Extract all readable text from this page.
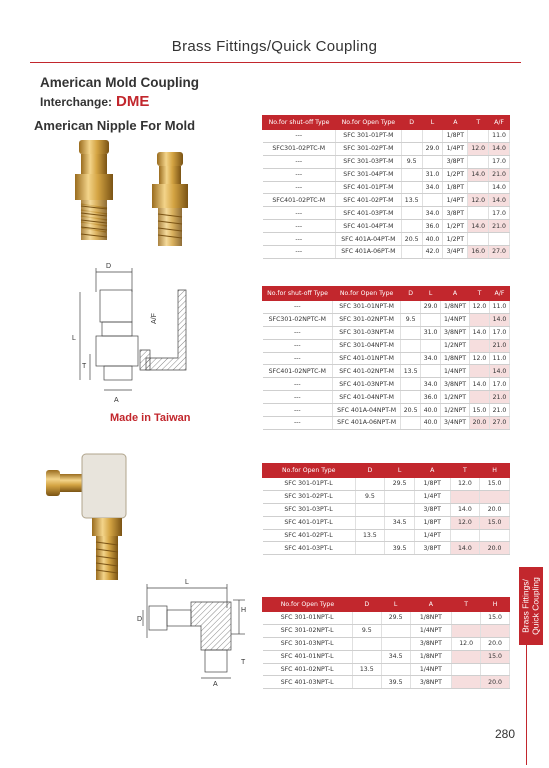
Brass Fittings/Quick Coupling
American Mold Coupling
Interchange: DME
American Nipple For Mold
D
L
T
A/F
A
Made in Taiwan
L
H
D
T
A
No.for shut-off Type	No.for Open Type	D	L	A	T	A/F
---	SFC 301-01PT-M			1/8PT		11.0
SFC301-02PTC-M	SFC 301-02PT-M		29.0	1/4PT	12.0	14.0
---	SFC 301-03PT-M	9.5		3/8PT		17.0
---	SFC 301-04PT-M		31.0	1/2PT	14.0	21.0
---	SFC 401-01PT-M		34.0	1/8PT		14.0
SFC401-02PTC-M	SFC 401-02PT-M	13.5		1/4PT	12.0	14.0
---	SFC 401-03PT-M		34.0	3/8PT		17.0
---	SFC 401-04PT-M		36.0	1/2PT	14.0	21.0
---	SFC 401A-04PT-M	20.5	40.0	1/2PT		
---	SFC 401A-06PT-M		42.0	3/4PT	16.0	27.0
No.for shut-off Type	No.for Open Type	D	L	A	T	A/F
---	SFC 301-01NPT-M		29.0	1/8NPT	12.0	11.0
SFC301-02NPTC-M	SFC 301-02NPT-M	9.5		1/4NPT		14.0
---	SFC 301-03NPT-M		31.0	3/8NPT	14.0	17.0
---	SFC 301-04NPT-M			1/2NPT		21.0
---	SFC 401-01NPT-M		34.0	1/8NPT	12.0	11.0
SFC401-02NPTC-M	SFC 401-02NPT-M	13.5		1/4NPT		14.0
---	SFC 401-03NPT-M		34.0	3/8NPT	14.0	17.0
---	SFC 401-04NPT-M		36.0	1/2NPT		21.0
---	SFC 401A-04NPT-M	20.5	40.0	1/2NPT	15.0	21.0
---	SFC 401A-06NPT-M		40.0	3/4NPT	20.0	27.0
No.for Open Type	D	L	A	T	H
SFC 301-01PT-L		29.5	1/8PT	12.0	15.0
SFC 301-02PT-L	9.5		1/4PT		
SFC 301-03PT-L			3/8PT	14.0	20.0
SFC 401-01PT-L		34.5	1/8PT	12.0	15.0
SFC 401-02PT-L	13.5		1/4PT		
SFC 401-03PT-L		39.5	3/8PT	14.0	20.0
No.for Open Type	D	L	A	T	H
SFC 301-01NPT-L		29.5	1/8NPT		15.0
SFC 301-02NPT-L	9.5		1/4NPT		
SFC 301-03NPT-L			3/8NPT	12.0	20.0
SFC 401-01NPT-L		34.5	1/8NPT		15.0
SFC 401-02NPT-L	13.5		1/4NPT		
SFC 401-03NPT-L		39.5	3/8NPT		20.0
Brass Fittings/
Quick Coupling
280
